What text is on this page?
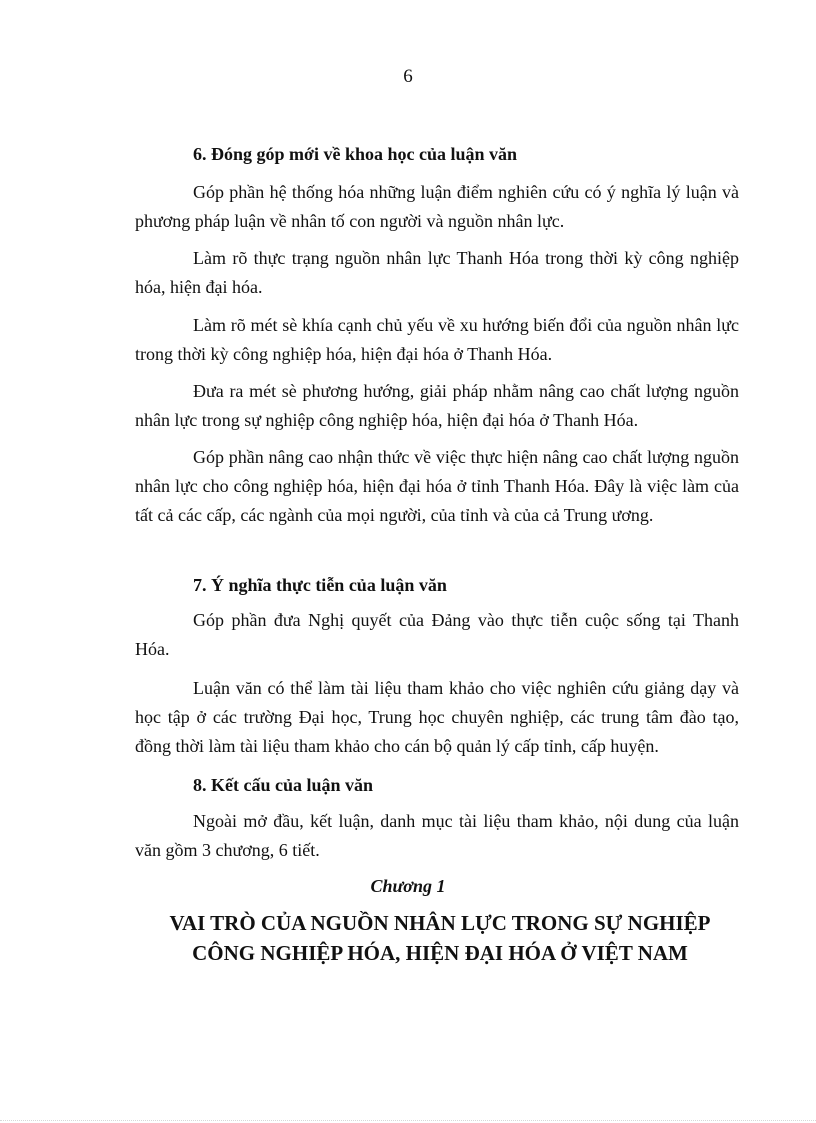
6
6. Đóng góp mới về khoa học của luận văn
Góp phần hệ thống hóa những luận điểm nghiên cứu có ý nghĩa lý luận và phương pháp luận về nhân tố con người và nguồn nhân lực.
Làm rõ thực trạng nguồn nhân lực Thanh Hóa trong thời kỳ công nghiệp hóa, hiện đại hóa.
Làm rõ mét sè khía cạnh chủ yếu về xu hướng biến đổi của nguồn nhân lực trong thời kỳ công nghiệp hóa, hiện đại hóa ở Thanh Hóa.
Đưa ra mét sè phương hướng, giải pháp nhằm nâng cao chất lượng nguồn nhân lực trong sự nghiệp công nghiệp hóa, hiện đại hóa ở Thanh Hóa.
Góp phần nâng cao nhận thức về việc thực hiện nâng cao chất lượng nguồn nhân lực cho công nghiệp hóa, hiện đại hóa ở tỉnh Thanh Hóa. Đây là việc làm của tất cả các cấp, các ngành của mọi người, của tỉnh và của cả Trung ương.
7. Ý nghĩa thực tiễn của luận văn
Góp phần đưa Nghị quyết của Đảng vào thực tiễn cuộc sống tại Thanh Hóa.
Luận văn có thể làm tài liệu tham khảo cho việc nghiên cứu giảng dạy và học tập ở các trường Đại học, Trung học chuyên nghiệp, các trung tâm đào tạo, đồng thời làm tài liệu tham khảo cho cán bộ quản lý cấp tỉnh, cấp huyện.
8. Kết cấu của luận văn
Ngoài mở đầu, kết luận, danh mục tài liệu tham khảo, nội dung của luận văn gồm 3 chương, 6 tiết.
Chương 1
VAI TRÒ CỦA NGUỒN NHÂN LỰC TRONG SỰ NGHIỆP
CÔNG NGHIỆP HÓA, HIỆN ĐẠI HÓA Ở VIỆT NAM
